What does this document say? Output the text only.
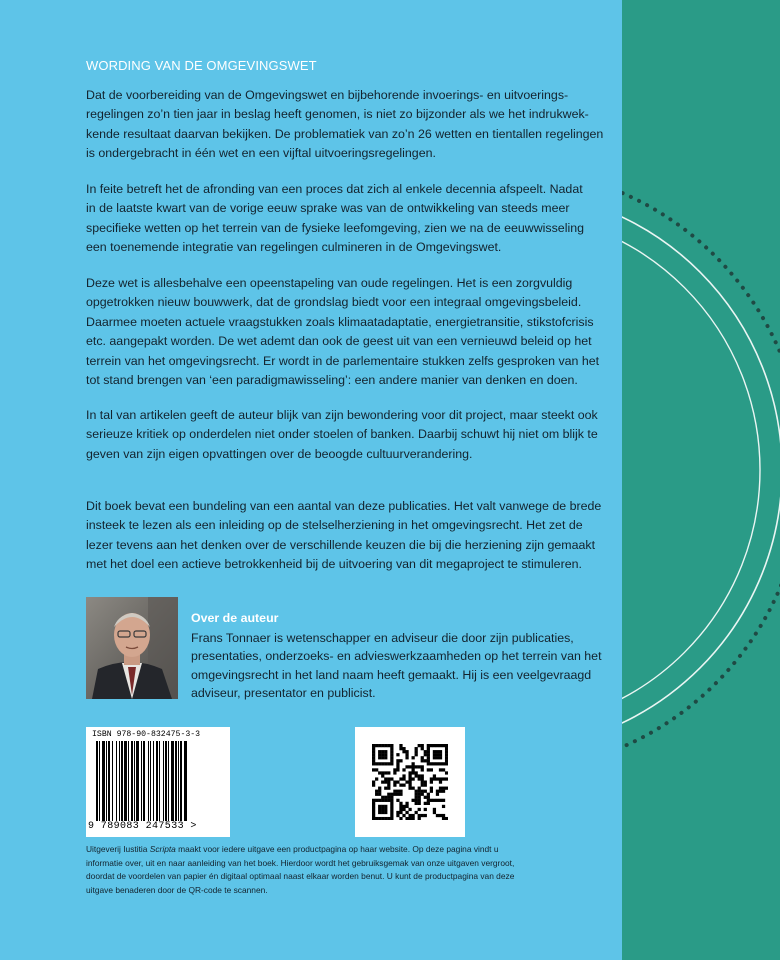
WORDING VAN DE OMGEVINGSWET

Dat de voorbereiding van de Omgevingswet en bijbehorende invoerings- en uitvoerings-
regelingen zo’n tien jaar in beslag heeft genomen, is niet zo bijzonder als we het indrukwek-
kende resultaat daarvan bekijken. De problematiek van zo’n 26 wetten en tientallen regelingen
is ondergebracht in één wet en een vijftal uitvoeringsregelingen.

In feite betreft het de afronding van een proces dat zich al enkele decennia afspeelt. Nadat
in de laatste kwart van de vorige eeuw sprake was van de ontwikkeling van steeds meer
specifieke wetten op het terrein van de fysieke leefomgeving, zien we na de eeuwwisseling
een toenemende integratie van regelingen culmineren in de Omgevingswet.

Deze wet is allesbehalve een opeenstapeling van oude regelingen. Het is een zorgvuldig
opgetrokken nieuw bouwwerk, dat de grondslag biedt voor een integraal omgevingsbeleid.
Daarmee moeten actuele vraagstukken zoals klimaatadaptatie, energietransitie, stikstofcrisis
etc. aangepakt worden. De wet ademt dan ook de geest uit van een vernieuwd beleid op het
terrein van het omgevingsrecht. Er wordt in de parlementaire stukken zelfs gesproken van het
tot stand brengen van ‘een paradigmawisseling’: een andere manier van denken en doen.

In tal van artikelen geeft de auteur blijk van zijn bewondering voor dit project, maar steekt ook
serieuze kritiek op onderdelen niet onder stoelen of banken. Daarbij schuwt hij niet om blijk te
geven van zijn eigen opvattingen over de beoogde cultuurverandering.

Dit boek bevat een bundeling van een aantal van deze publicaties. Het valt vanwege de brede
insteek te lezen als een inleiding op de stelselherziening in het omgevingsrecht. Het zet de
lezer tevens aan het denken over de verschillende keuzen die bij die herziening zijn gemaakt
met het doel een actieve betrokkenheid bij de uitvoering van dit megaproject te stimuleren.

Over de auteur

Frans Tonnaer is wetenschapper en adviseur die door zijn publicaties,
presentaties, onderzoeks- en advieswerkzaamheden op het terrein van het
omgevingsrecht in het land naam heeft gemaakt. Hij is een veelgevraagd
adviseur, presentator en publicist.

ISBN 978-90-832475-3-3
9 789083 247533 >

Uitgeverij Iustitia Scripta maakt voor iedere uitgave een productpagina op haar website. Op deze pagina vindt u
informatie over, uit en naar aanleiding van het boek. Hierdoor wordt het gebruiksgemak van onze uitgaven vergroot,
doordat de voordelen van papier én digitaal optimaal naast elkaar worden benut. U kunt de productpagina van deze
uitgave benaderen door de QR-code te scannen.
